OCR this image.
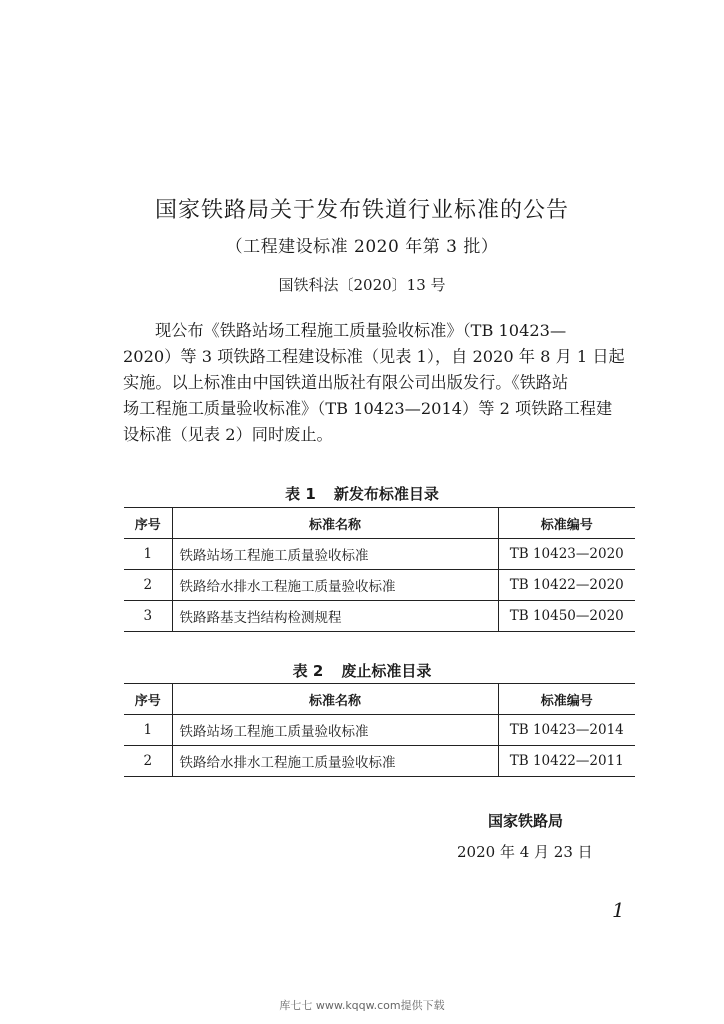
国家铁路局关于发布铁道行业标准的公告
（工程建设标准 2020 年第 3 批）
国铁科法〔2020〕13 号
现公布《铁路站场工程施工质量验收标准》（TB 10423—
2020）等 3 项铁路工程建设标准（见表 1），自 2020 年 8 月 1 日起
实施。以上标准由中国铁道出版社有限公司出版发行。《铁路站
场工程施工质量验收标准》（TB 10423—2014）等 2 项铁路工程建
设标准（见表 2）同时废止。
表 1 新发布标准目录
序号	标准名称	标准编号
1	铁路站场工程施工质量验收标准	TB 10423—2020
2	铁路给水排水工程施工质量验收标准	TB 10422—2020
3	铁路路基支挡结构检测规程	TB 10450—2020
表 2 废止标准目录
序号	标准名称	标准编号
1	铁路站场工程施工质量验收标准	TB 10423—2014
2	铁路给水排水工程施工质量验收标准	TB 10422—2011
国家铁路局
2020 年 4 月 23 日
1
库七七 www.kqqw.com提供下载
